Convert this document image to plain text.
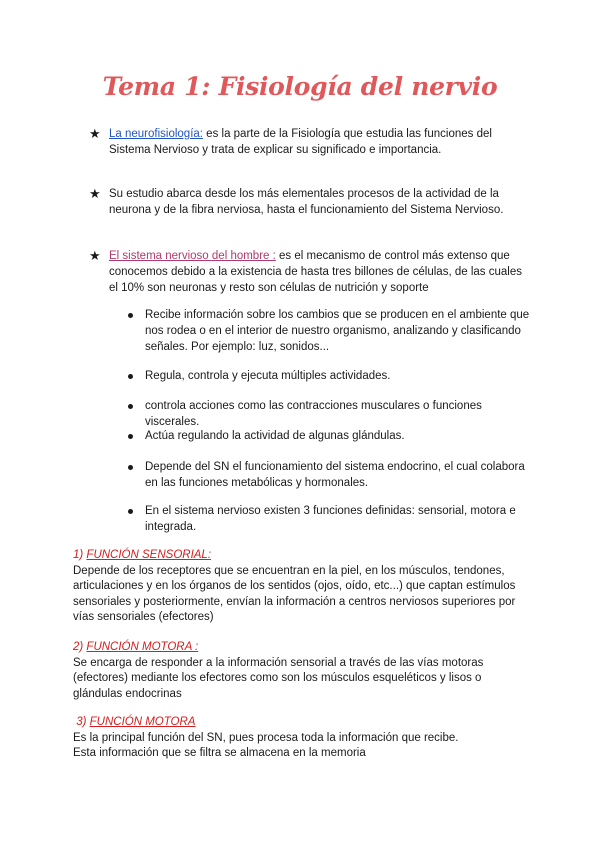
Tema 1: Fisiología del nervio
★ La neurofisiología: es la parte de la Fisiología que estudia las funciones del Sistema Nervioso y trata de explicar su significado e importancia.
★ Su estudio abarca desde los más elementales procesos de la actividad de la neurona y de la fibra nerviosa, hasta el funcionamiento del Sistema Nervioso.
★ El sistema nervioso del hombre : es el mecanismo de control más extenso que conocemos debido a la existencia de hasta tres billones de células, de las cuales el 10% son neuronas y resto son células de nutrición y soporte
Recibe información sobre los cambios que se producen en el ambiente que nos rodea o en el interior de nuestro organismo, analizando y clasificando señales. Por ejemplo: luz, sonidos...
Regula, controla y ejecuta múltiples actividades.
controla acciones como las contracciones musculares o funciones viscerales.
Actúa regulando la actividad de algunas glándulas.
Depende del SN el funcionamiento del sistema endocrino, el cual colabora en las funciones metabólicas y hormonales.
En el sistema nervioso existen 3 funciones definidas: sensorial, motora e integrada.
1) FUNCIÓN SENSORIAL:
Depende de los receptores que se encuentran en la piel, en los músculos, tendones, articulaciones y en los órganos de los sentidos (ojos, oído, etc...) que captan estímulos sensoriales y posteriormente, envían la información a centros nerviosos superiores por vías sensoriales (efectores)
2) FUNCIÓN MOTORA :
Se encarga de responder a la información sensorial a través de las vías motoras (efectores) mediante los efectores como son los músculos esqueléticos y lisos o glándulas endocrinas
3) FUNCIÓN MOTORA
Es la principal función del SN, pues procesa toda la información que recibe.
Esta información que se filtra se almacena en la memoria
